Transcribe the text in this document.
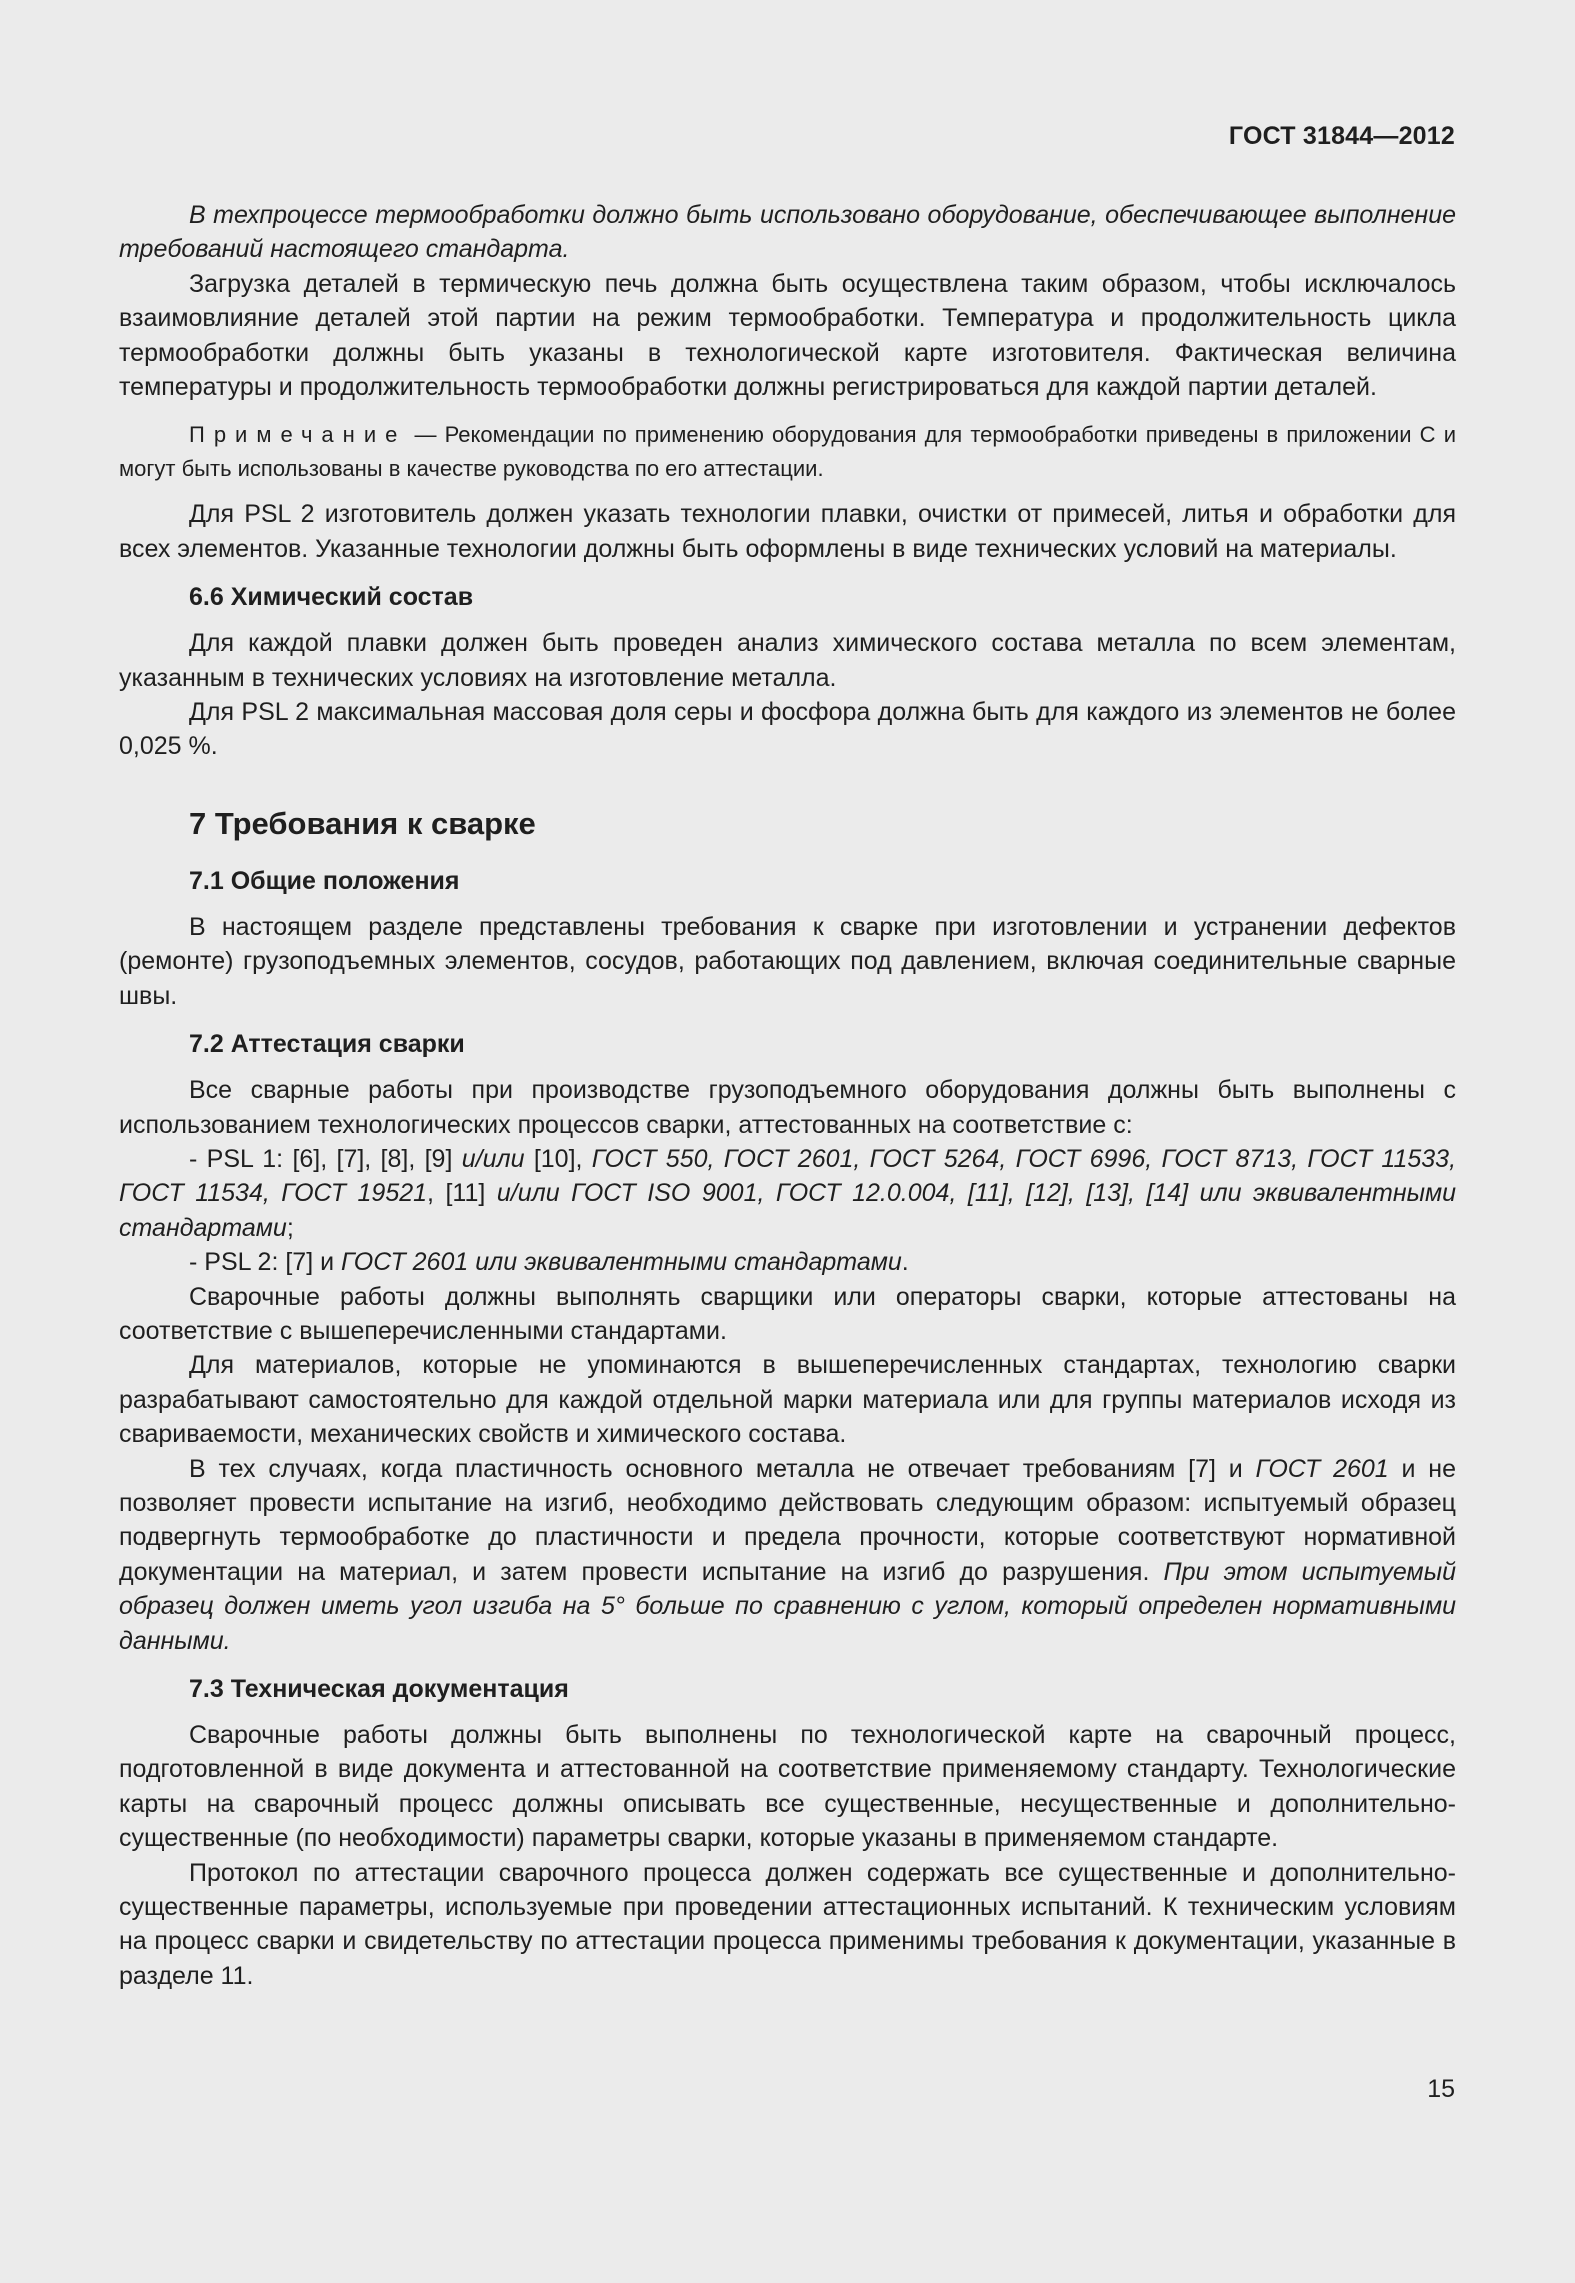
ГОСТ 31844—2012

В техпроцессе термообработки должно быть использовано оборудование, обеспечивающее выполнение требований настоящего стандарта.

Загрузка деталей в термическую печь должна быть осуществлена таким образом, чтобы исключалось взаимовлияние деталей этой партии на режим термообработки. Температура и продолжительность цикла термообработки должны быть указаны в технологической карте изготовителя. Фактическая величина температуры и продолжительность термообработки должны регистрироваться для каждой партии деталей.

Примечание — Рекомендации по применению оборудования для термообработки приведены в приложении С и могут быть использованы в качестве руководства по его аттестации.

Для PSL 2 изготовитель должен указать технологии плавки, очистки от примесей, литья и обработки для всех элементов. Указанные технологии должны быть оформлены в виде технических условий на материалы.

6.6 Химический состав

Для каждой плавки должен быть проведен анализ химического состава металла по всем элементам, указанным в технических условиях на изготовление металла.

Для PSL 2 максимальная массовая доля серы и фосфора должна быть для каждого из элементов не более 0,025 %.

7 Требования к сварке
7.1 Общие положения

В настоящем разделе представлены требования к сварке при изготовлении и устранении дефектов (ремонте) грузоподъемных элементов, сосудов, работающих под давлением, включая соединительные сварные швы.

7.2 Аттестация сварки

Все сварные работы при производстве грузоподъемного оборудования должны быть выполнены с использованием технологических процессов сварки, аттестованных на соответствие с:

- PSL 1: [6], [7], [8], [9] и/или [10], ГОСТ 550, ГОСТ 2601, ГОСТ 5264, ГОСТ 6996, ГОСТ 8713, ГОСТ 11533, ГОСТ 11534, ГОСТ 19521, [11] и/или ГОСТ ISO 9001, ГОСТ 12.0.004, [11], [12], [13], [14] или эквивалентными стандартами;

- PSL 2: [7] и ГОСТ 2601 или эквивалентными стандартами.

Сварочные работы должны выполнять сварщики или операторы сварки, которые аттестованы на соответствие с вышеперечисленными стандартами.

Для материалов, которые не упоминаются в вышеперечисленных стандартах, технологию сварки разрабатывают самостоятельно для каждой отдельной марки материала или для группы материалов исходя из свариваемости, механических свойств и химического состава.

В тех случаях, когда пластичность основного металла не отвечает требованиям [7] и ГОСТ 2601 и не позволяет провести испытание на изгиб, необходимо действовать следующим образом: испытуемый образец подвергнуть термообработке до пластичности и предела прочности, которые соответствуют нормативной документации на материал, и затем провести испытание на изгиб до разрушения. При этом испытуемый образец должен иметь угол изгиба на 5° больше по сравнению с углом, который определен нормативными данными.

7.3 Техническая документация

Сварочные работы должны быть выполнены по технологической карте на сварочный процесс, подготовленной в виде документа и аттестованной на соответствие применяемому стандарту. Технологические карты на сварочный процесс должны описывать все существенные, несущественные и дополнительно-существенные (по необходимости) параметры сварки, которые указаны в применяемом стандарте.

Протокол по аттестации сварочного процесса должен содержать все существенные и дополнительно-существенные параметры, используемые при проведении аттестационных испытаний. К техническим условиям на процесс сварки и свидетельству по аттестации процесса применимы требования к документации, указанные в разделе 11.

15
